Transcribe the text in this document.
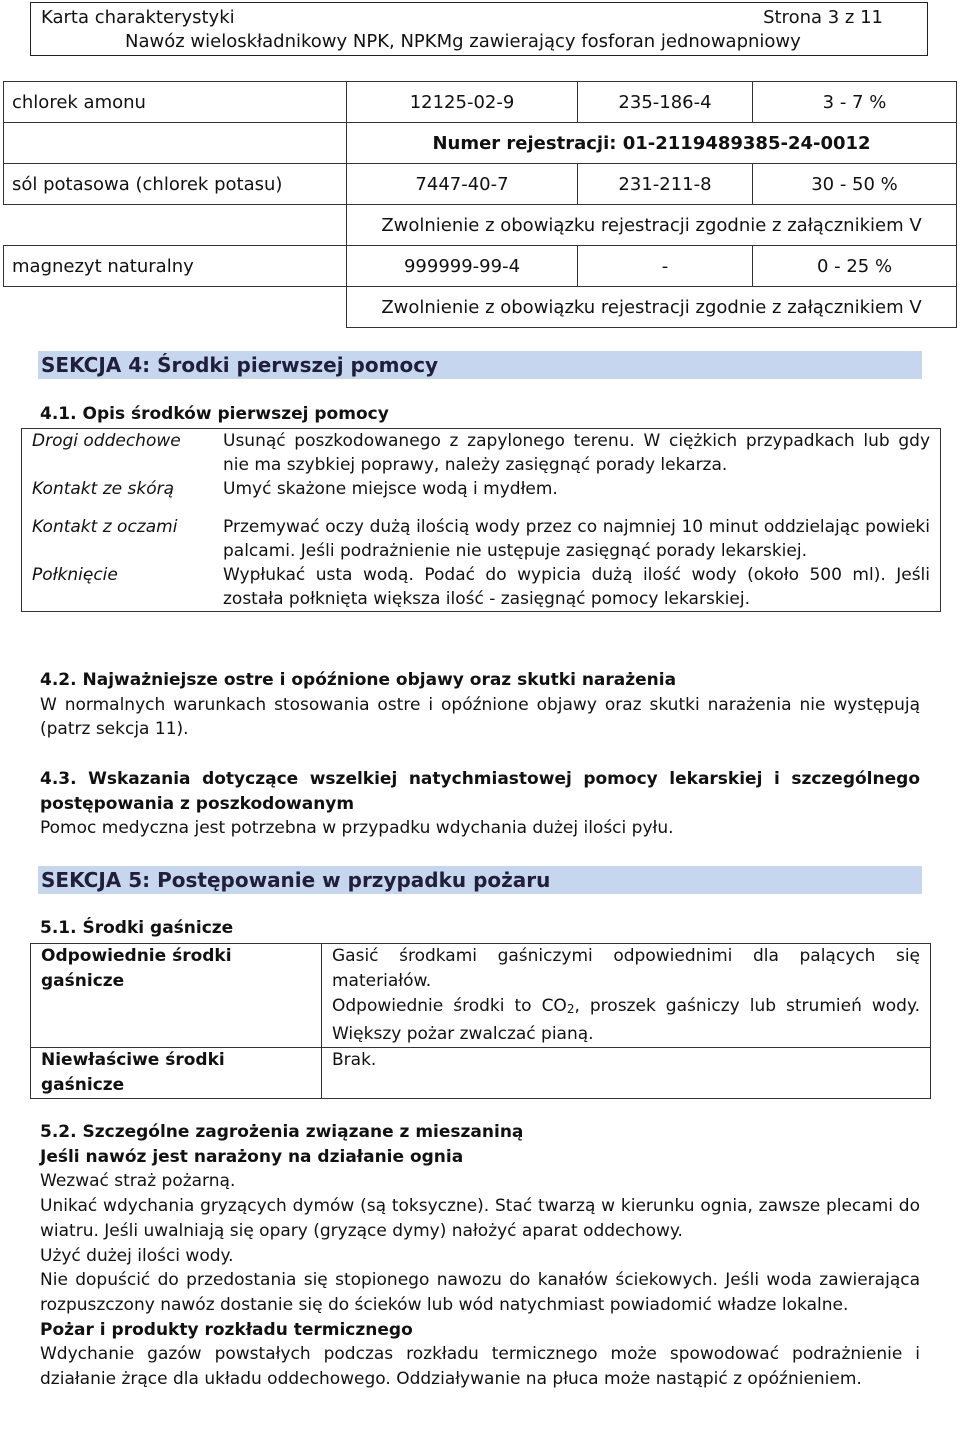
Karta charakterystyki	Strona 3 z 11
Nawóz wieloskładnikowy NPK, NPKMg zawierający fosforan jednowapniowy
chlorek amonu	12125-02-9	235-186-4	3 - 7 %
	Numer rejestracji: 01-2119489385-24-0012		
sól potasowa (chlorek potasu)	7447-40-7	231-211-8	30 - 50 %
	Zwolnienie z obowiązku rejestracji zgodnie z załącznikiem V		
magnezyt naturalny	999999-99-4	-	0 - 25 %
	Zwolnienie z obowiązku rejestracji zgodnie z załącznikiem V		
SEKCJA 4: Środki pierwszej pomocy
4.1. Opis środków pierwszej pomocy
Drogi oddechowe	Usunąć poszkodowanego z zapylonego terenu. W ciężkich przypadkach lub gdy nie ma szybkiej poprawy, należy zasięgnąć porady lekarza.
Kontakt ze skórą	Umyć skażone miejsce wodą i mydłem.
Kontakt z oczami	Przemywać oczy dużą ilością wody przez co najmniej 10 minut oddzielając powieki palcami. Jeśli podrażnienie nie ustępuje zasięgnąć porady lekarskiej.
Połknięcie	Wypłukać usta wodą. Podać do wypicia dużą ilość wody (około 500 ml). Jeśli została połknięta większa ilość - zasięgnąć pomocy lekarskiej.

4.2. Najważniejsze ostre i opóźnione objawy oraz skutki narażenia

W normalnych warunkach stosowania ostre i opóźnione objawy oraz skutki narażenia nie występują (patrz sekcja 11).

4.3. Wskazania dotyczące wszelkiej natychmiastowej pomocy lekarskiej i szczególnego postępowania z poszkodowanym

Pomoc medyczna jest potrzebna w przypadku wdychania dużej ilości pyłu.

SEKCJA 5: Postępowanie w przypadku pożaru
5.1. Środki gaśnicze
Odpowiednie środki gaśnicze	Gasić środkami gaśniczymi odpowiednimi dla palących się materiałów.

Odpowiednie środki to $CO_2$, proszek gaśniczy lub strumień wody. Większy pożar zwalczać pianą.

Niewłaściwe środki gaśnicze	Brak.

5.2. Szczególne zagrożenia związane z mieszaniną

Jeśli nawóz jest narażony na działanie ognia

Wezwać straż pożarną.

Unikać wdychania gryzących dymów (są toksyczne). Stać twarzą w kierunku ognia, zawsze plecami do wiatru. Jeśli uwalniają się opary (gryzące dymy) nałożyć aparat oddechowy.

Użyć dużej ilości wody.

Nie dopuścić do przedostania się stopionego nawozu do kanałów ściekowych. Jeśli woda zawierająca rozpuszczony nawóz dostanie się do ścieków lub wód natychmiast powiadomić władze lokalne.

Pożar i produkty rozkładu termicznego

Wdychanie gazów powstałych podczas rozkładu termicznego może spowodować podrażnienie i działanie żrące dla układu oddechowego. Oddziaływanie na płuca może nastąpić z opóźnieniem.
